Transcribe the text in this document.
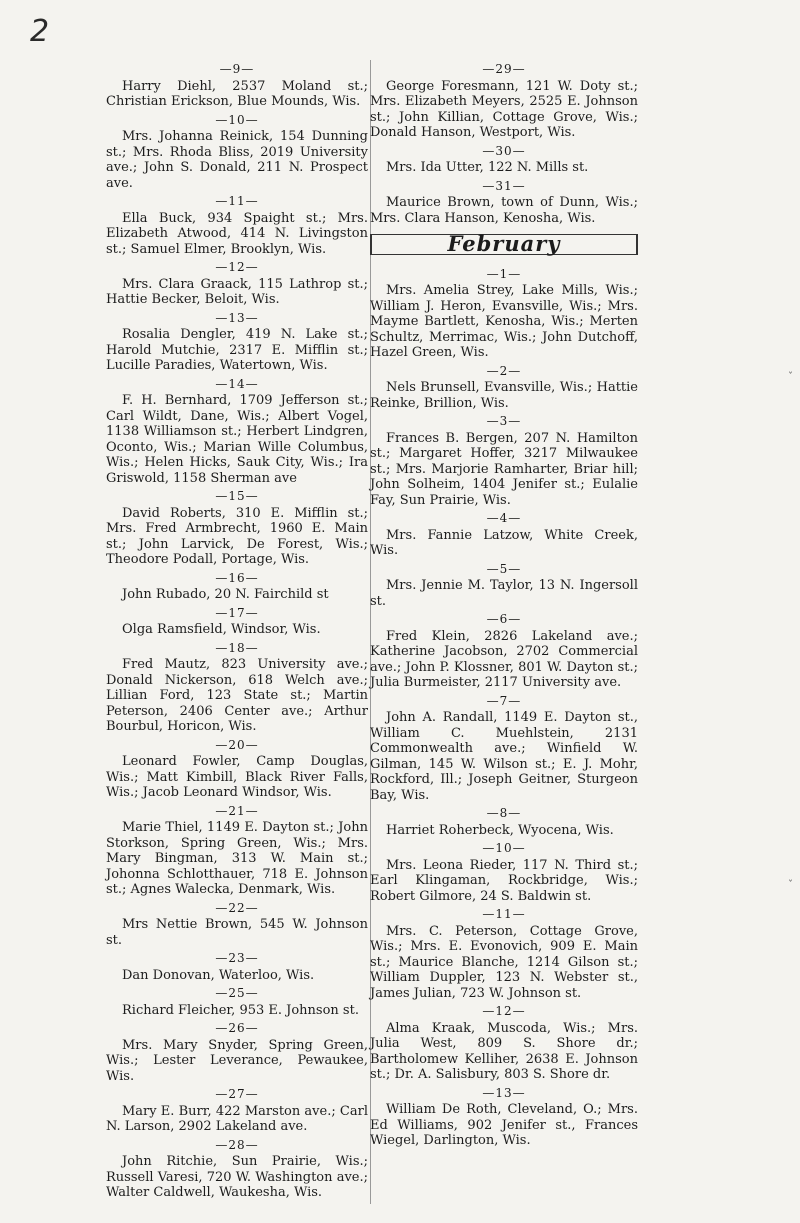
2
—9—

Harry Diehl, 2537 Moland st.; Christian Erickson, Blue Mounds, Wis.

—10—

Mrs. Johanna Reinick, 154 Dunning st.; Mrs. Rhoda Bliss, 2019 University ave.; John S. Donald, 211 N. Prospect ave.

—11—

Ella Buck, 934 Spaight st.; Mrs. Elizabeth Atwood, 414 N. Livingston st.; Samuel Elmer, Brooklyn, Wis.

—12—

Mrs. Clara Graack, 115 Lathrop st.; Hattie Becker, Beloit, Wis.

—13—

Rosalia Dengler, 419 N. Lake st.; Harold Mutchie, 2317 E. Mifflin st.; Lucille Paradies, Watertown, Wis.

—14—

F. H. Bernhard, 1709 Jefferson st.; Carl Wildt, Dane, Wis.; Albert Vogel, 1138 Williamson st.; Herbert Lindgren, Oconto, Wis.; Marian Wille Columbus, Wis.; Helen Hicks, Sauk City, Wis.; Ira Griswold, 1158 Sherman ave

—15—

David Roberts, 310 E. Mifflin st.; Mrs. Fred Armbrecht, 1960 E. Main st.; John Larvick, De Forest, Wis.; Theodore Podall, Portage, Wis.

—16—

John Rubado, 20 N. Fairchild st

—17—

Olga Ramsfield, Windsor, Wis.

—18—

Fred Mautz, 823 University ave.; Donald Nickerson, 618 Welch ave.; Lillian Ford, 123 State st.; Martin Peterson, 2406 Center ave.; Arthur Bourbul, Horicon, Wis.

—20—

Leonard Fowler, Camp Douglas, Wis.; Matt Kimbill, Black River Falls, Wis.; Jacob Leonard Windsor, Wis.

—21—

Marie Thiel, 1149 E. Dayton st.; John Storkson, Spring Green, Wis.; Mrs. Mary Bingman, 313 W. Main st.; Johonna Schlotthauer, 718 E. Johnson st.; Agnes Walecka, Denmark, Wis.

—22—

Mrs Nettie Brown, 545 W. Johnson st.

—23—

Dan Donovan, Waterloo, Wis.

—25—

Richard Fleicher, 953 E. Johnson st.

—26—

Mrs. Mary Snyder, Spring Green, Wis.; Lester Leverance, Pewaukee, Wis.

—27—

Mary E. Burr, 422 Marston ave.; Carl N. Larson, 2902 Lakeland ave.

—28—

John Ritchie, Sun Prairie, Wis.; Russell Varesi, 720 W. Washington ave.; Walter Caldwell, Waukesha, Wis.

—29—

George Foresmann, 121 W. Doty st.; Mrs. Elizabeth Meyers, 2525 E. Johnson st.; John Killian, Cottage Grove, Wis.; Donald Hanson, Westport, Wis.

—30—

Mrs. Ida Utter, 122 N. Mills st.

—31—

Maurice Brown, town of Dunn, Wis.; Mrs. Clara Hanson, Kenosha, Wis.

February
—1—

Mrs. Amelia Strey, Lake Mills, Wis.; William J. Heron, Evansville, Wis.; Mrs. Mayme Bartlett, Kenosha, Wis.; Merten Schultz, Merrimac, Wis.; John Dutchoff, Hazel Green, Wis.

—2—

Nels Brunsell, Evansville, Wis.; Hattie Reinke, Brillion, Wis.

—3—

Frances B. Bergen, 207 N. Hamilton st.; Margaret Hoffer, 3217 Milwaukee st.; Mrs. Marjorie Ramharter, Briar hill; John Solheim, 1404 Jenifer st.; Eulalie Fay, Sun Prairie, Wis.

—4—

Mrs. Fannie Latzow, White Creek, Wis.

—5—

Mrs. Jennie M. Taylor, 13 N. Ingersoll st.

—6—

Fred Klein, 2826 Lakeland ave.; Katherine Jacobson, 2702 Commercial ave.; John P. Klossner, 801 W. Dayton st.; Julia Burmeister, 2117 University ave.

—7—

John A. Randall, 1149 E. Dayton st., William C. Muehlstein, 2131 Commonwealth ave.; Winfield W. Gilman, 145 W. Wilson st.; E. J. Mohr, Rockford, Ill.; Joseph Geitner, Sturgeon Bay, Wis.

—8—

Harriet Roherbeck, Wyocena, Wis.

—10—

Mrs. Leona Rieder, 117 N. Third st.; Earl Klingaman, Rockbridge, Wis.; Robert Gilmore, 24 S. Baldwin st.

—11—

Mrs. C. Peterson, Cottage Grove, Wis.; Mrs. E. Evonovich, 909 E. Main st.; Maurice Blanche, 1214 Gilson st.; William Duppler, 123 N. Webster st., James Julian, 723 W. Johnson st.

—12—

Alma Kraak, Muscoda, Wis.; Mrs. Julia West, 809 S. Shore dr.; Bartholomew Kelliher, 2638 E. Johnson st.; Dr. A. Salisbury, 803 S. Shore dr.

—13—

William De Roth, Cleveland, O.; Mrs. Ed Williams, 902 Jenifer st., Frances Wiegel, Darlington, Wis.

ˇ
ˇ
